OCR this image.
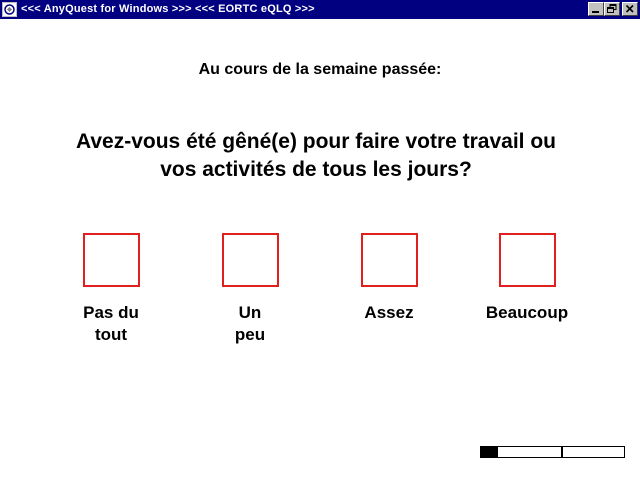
<<< AnyQuest for Windows >>> <<< EORTC eQLQ >>>
Au cours de la semaine passée:
Avez-vous été gêné(e) pour faire votre travail ou vos activités de tous les jours?
Pas du
tout
Un
peu
Assez	Beaucoup
